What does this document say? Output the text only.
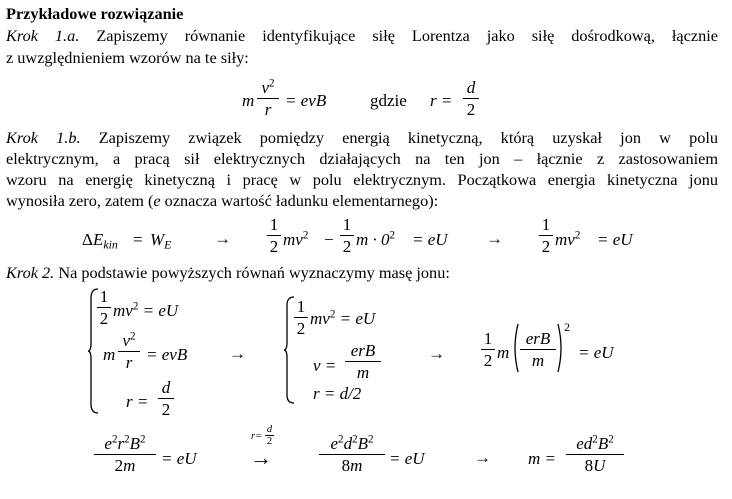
Przykładowe rozwiązanie
Krok 1.a. Zapiszemy równanie identyfikujące siłę Lorentza jako siłę dośrodkową, łącznie
z uwzględnieniem wzorów na te siły:
m
$v^2$
r = evB	gdzie r =
d
2
Krok 1.b. Zapiszemy związek pomiędzy energią kinetyczną, którą uzyskał jon w polu
elektrycznym, a pracą sił elektrycznych działających na ten jon – łącznie z zastosowaniem
wzoru na energię kinetyczną i pracę w polu elektrycznym. Początkowa energia kinetyczna jonu
wynosiła zero, zatem (e oznacza wartość ładunku elementarnego):
$\Delta E_{kin} = W_E$	→
1
2 $mv^2$ −
1
2 $m \cdot 0^2$ = eU →
1
2 $mv^2$ = eU
Krok 2. Na podstawie powyższych równań wyznaczymy masę jonu:
1
2 $mv^2$ = eU
m
$v^2$
r = evB
r =
d
2
→
1
2
$mv^2$ = eU
v =
erB
m
r = d/2
→
1
2 m
erB
m
2
= eU
$e^2r^2B^2$
2m	= eU
r=
d
2
→
$e^2d^2B^2$
8m	= eU	→ m =
$ed^2B^2$
8U
